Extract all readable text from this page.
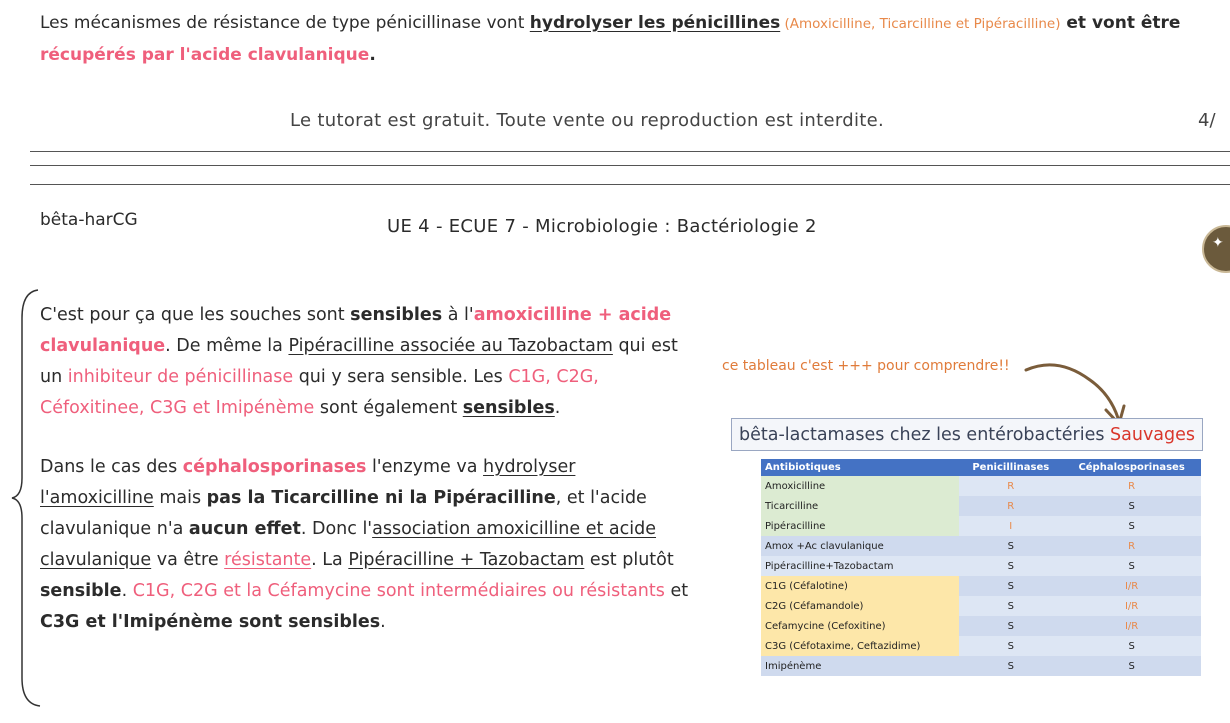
Les mécanismes de résistance de type pénicillinase vont hydrolyser les pénicillines (Amoxicilline, Ticarcilline et Pipéracilline) et vont être récupérés par l'acide clavulanique.
Le tutorat est gratuit. Toute vente ou reproduction est interdite.	4/
bêta-harCG	UE 4 - ECUE 7 - Microbiologie : Bactériologie 2
✦

C'est pour ça que les souches sont sensibles à l'amoxicilline + acide clavulanique. De même la Pipéracilline associée au Tazobactam qui est un inhibiteur de pénicillinase qui y sera sensible. Les C1G, C2G, Céfoxitinee, C3G et Imipénème sont également sensibles.

Dans le cas des céphalosporinases l'enzyme va hydrolyser l'amoxicilline mais pas la Ticarcilline ni la Pipéracilline, et l'acide clavulanique n'a aucun effet. Donc l'association amoxicilline et acide clavulanique va être résistante. La Pipéracilline + Tazobactam est plutôt sensible. C1G, C2G et la Céfamycine sont intermédiaires ou résistants et C3G et l'Imipénème sont sensibles.

ce tableau c'est +++ pour comprendre!!
bêta-lactamases chez les entérobactéries Sauvages
Antibiotiques	Penicillinases	Céphalosporinases
Amoxicilline	R	R
Ticarcilline	R	S
Pipéracilline	I	S
Amox +Ac clavulanique	S	R
Pipéracilline+Tazobactam	S	S
C1G (Céfalotine)	S	I/R
C2G (Céfamandole)	S	I/R
Cefamycine (Cefoxitine)	S	I/R
C3G (Céfotaxime, Ceftazidime)	S	S
Imipénème	S	S
